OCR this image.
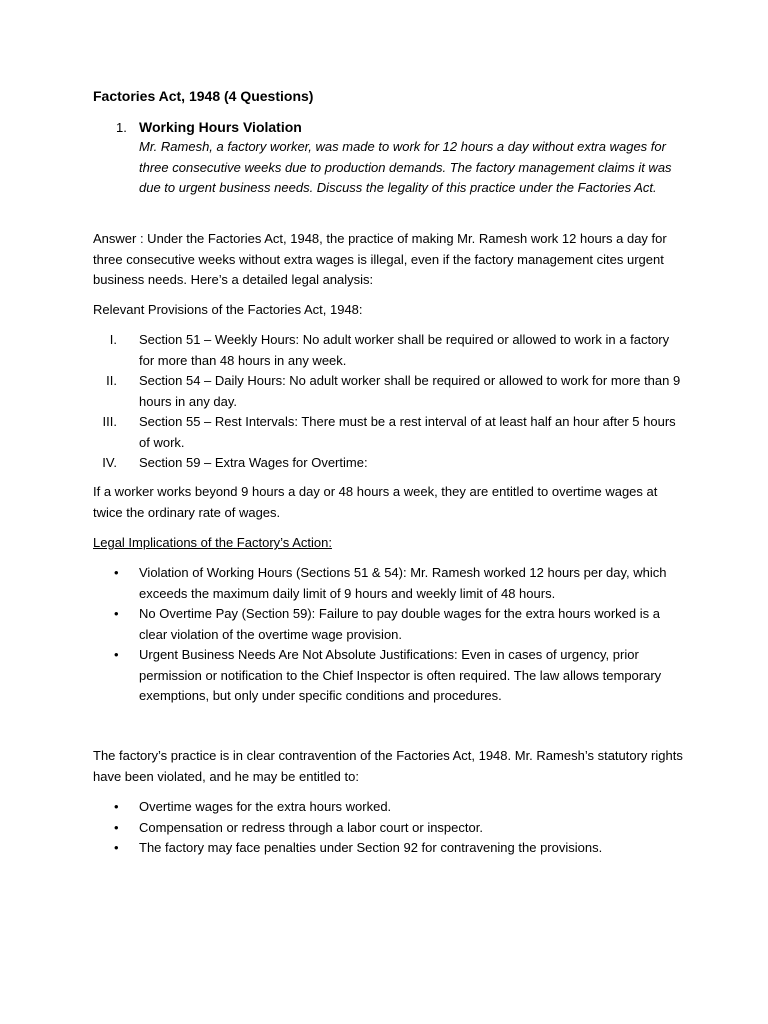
Factories Act, 1948 (4 Questions)
1. Working Hours Violation

Mr. Ramesh, a factory worker, was made to work for 12 hours a day without extra wages for three consecutive weeks due to production demands. The factory management claims it was due to urgent business needs. Discuss the legality of this practice under the Factories Act.

Answer : Under the Factories Act, 1948, the practice of making Mr. Ramesh work 12 hours a day for three consecutive weeks without extra wages is illegal, even if the factory management cites urgent business needs. Here’s a detailed legal analysis:

Relevant Provisions of the Factories Act, 1948:

I. Section 51 – Weekly Hours: No adult worker shall be required or allowed to work in a factory for more than 48 hours in any week.
II. Section 54 – Daily Hours: No adult worker shall be required or allowed to work for more than 9 hours in any day.
III. Section 55 – Rest Intervals: There must be a rest interval of at least half an hour after 5 hours of work.
IV. Section 59 – Extra Wages for Overtime:

If a worker works beyond 9 hours a day or 48 hours a week, they are entitled to overtime wages at twice the ordinary rate of wages.

Legal Implications of the Factory’s Action:

• Violation of Working Hours (Sections 51 & 54): Mr. Ramesh worked 12 hours per day, which exceeds the maximum daily limit of 9 hours and weekly limit of 48 hours.
• No Overtime Pay (Section 59): Failure to pay double wages for the extra hours worked is a clear violation of the overtime wage provision.
• Urgent Business Needs Are Not Absolute Justifications: Even in cases of urgency, prior permission or notification to the Chief Inspector is often required. The law allows temporary exemptions, but only under specific conditions and procedures.

The factory’s practice is in clear contravention of the Factories Act, 1948. Mr. Ramesh’s statutory rights have been violated, and he may be entitled to:

• Overtime wages for the extra hours worked.
• Compensation or redress through a labor court or inspector.
• The factory may face penalties under Section 92 for contravening the provisions.
